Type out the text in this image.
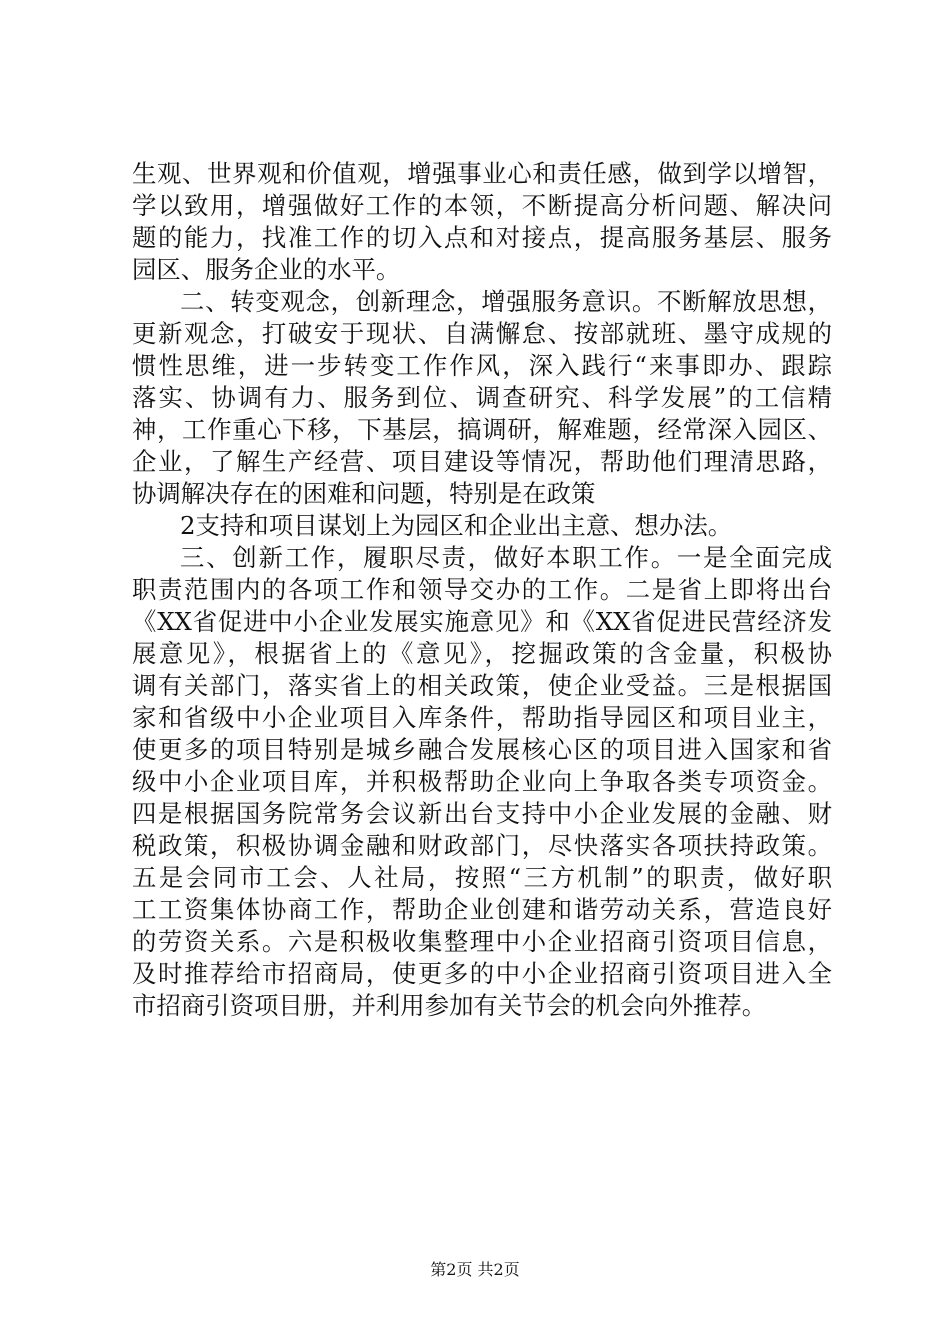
生观、世界观和价值观，增强事业心和责任感，做到学以增智，
学以致用，增强做好工作的本领，不断提高分析问题、解决问
题的能力，找准工作的切入点和对接点，提高服务基层、服务
园区、服务企业的水平。
二、转变观念，创新理念，增强服务意识。不断解放思想，
更新观念，打破安于现状、自满懈怠、按部就班、墨守成规的
惯性思维，进一步转变工作作风，深入践行“来事即办、跟踪
落实、协调有力、服务到位、调查研究、科学发展”的工信精
神，工作重心下移，下基层，搞调研，解难题，经常深入园区、
企业，了解生产经营、项目建设等情况，帮助他们理清思路，
协调解决存在的困难和问题，特别是在政策
2支持和项目谋划上为园区和企业出主意、想办法。
三、创新工作，履职尽责，做好本职工作。一是全面完成
职责范围内的各项工作和领导交办的工作。二是省上即将出台
《XX省促进中小企业发展实施意见》和《XX省促进民营经济发
展意见》，根据省上的《意见》，挖掘政策的含金量，积极协
调有关部门，落实省上的相关政策，使企业受益。三是根据国
家和省级中小企业项目入库条件，帮助指导园区和项目业主，
使更多的项目特别是城乡融合发展核心区的项目进入国家和省
级中小企业项目库，并积极帮助企业向上争取各类专项资金。
四是根据国务院常务会议新出台支持中小企业发展的金融、财
税政策，积极协调金融和财政部门，尽快落实各项扶持政策。
五是会同市工会、人社局，按照“三方机制”的职责，做好职
工工资集体协商工作，帮助企业创建和谐劳动关系，营造良好
的劳资关系。六是积极收集整理中小企业招商引资项目信息，
及时推荐给市招商局，使更多的中小企业招商引资项目进入全
市招商引资项目册，并利用参加有关节会的机会向外推荐。
第2页 共2页
